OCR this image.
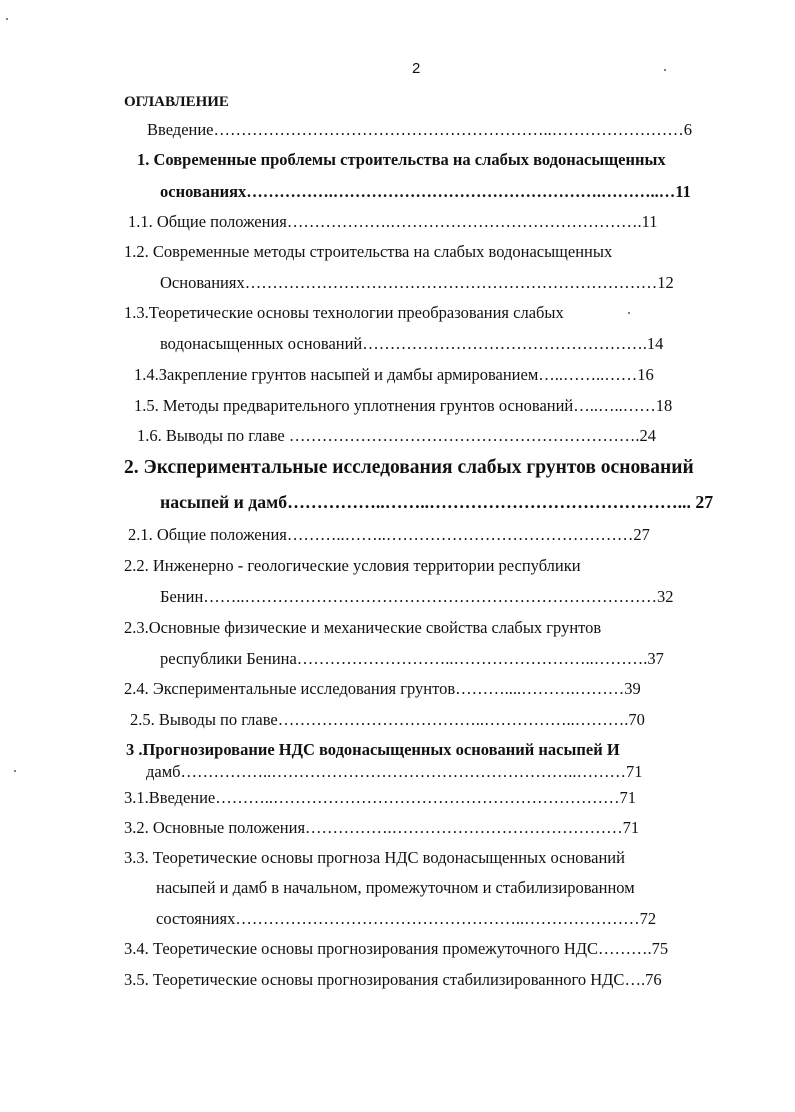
2
ОГЛАВЛЕНИЕ
Введение……………………………………………………..……………………6
1. Современные проблемы строительства на слабых водонасыщенных
основаниях…………….………………………………………….………..…11
1.1. Общие положения……………….……………………………………….11
1.2. Современные методы строительства на слабых водонасыщенных
Основаниях…………………………………………………………………12
1.3.Теоретические основы технологии преобразования слабых
водонасыщенных оснований…………………………………………….14
1.4.Закрепление грунтов насыпей и дамбы армированием…..……..……16
1.5. Методы предварительного уплотнения грунтов оснований…..…..……18
1.6. Выводы по главе ……………………………………………………….24
2. Экспериментальные исследования слабых грунтов оснований
насыпей и дамб……………..……..……………………………………... 27
2.1. Общие положения………..……..………………………………………27
2.2. Инженерно - геологические условия территории республики
Бенин……..…………………………………………………………………32
2.3.Основные физические и механические свойства слабых грунтов
республики Бенина………………………..……………………..……….37
2.4. Экспериментальные исследования грунтов………....……….………39
2.5. Выводы по главе………………………………..……………..……….70
3 .Прогнозирование НДС водонасыщенных оснований насыпей И
дамб……………..………………………………………………..………71
3.1.Введение………..………………………………………………………71
3.2. Основные положения…………….……………………………………71
3.3. Теоретические основы прогноза НДС водонасыщенных оснований
насыпей и дамб в начальном, промежуточном и стабилизированном
состояниях……………………………………………..…………………72
3.4. Теоретические основы прогнозирования промежуточного НДС……….75
3.5. Теоретические основы прогнозирования стабилизированного НДС….76
